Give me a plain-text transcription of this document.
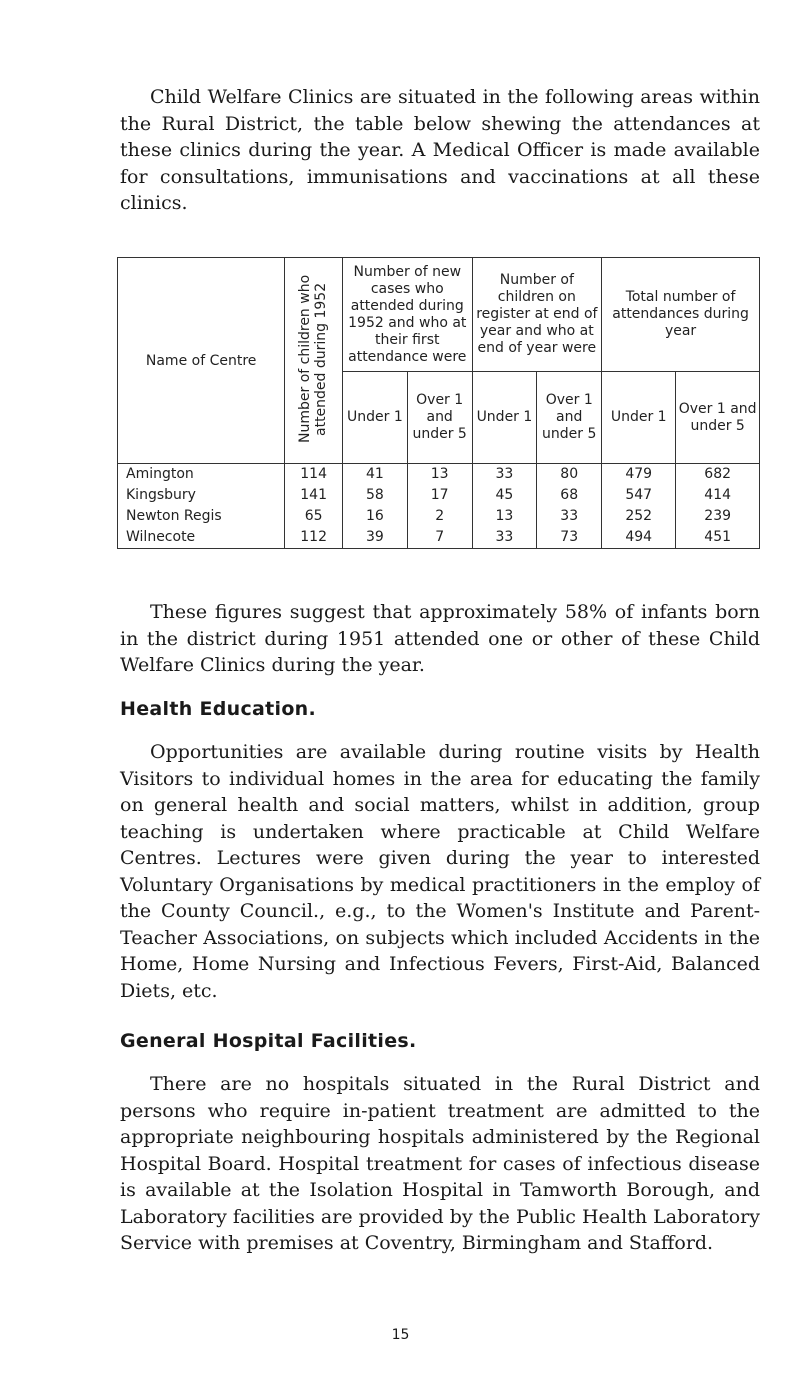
Child Welfare Clinics are situated in the following areas within the Rural District, the table below shewing the attendances at these clinics during the year. A Medical Officer is made available for consultations, immunisations and vaccinations at all these clinics.

Name of Centre	Number of children who attended during 1952	Number of new cases who attended during 1952 and who at their first attendance were		Number of children on register at end of year and who at end of year were		Total number of attendances during year	
		Under 1	Over 1 and under 5	Under 1	Over 1 and under 5	Under 1	Over 1 and under 5
Amington	114	41	13	33	80	479	682
Kingsbury	141	58	17	45	68	547	414
Newton Regis	65	16	2	13	33	252	239
Wilnecote	112	39	7	33	73	494	451

These figures suggest that approximately 58% of infants born in the district during 1951 attended one or other of these Child Welfare Clinics during the year.

Health Education.

Opportunities are available during routine visits by Health Visitors to individual homes in the area for educating the family on general health and social matters, whilst in addition, group teaching is undertaken where practicable at Child Welfare Centres. Lectures were given during the year to interested Voluntary Organisations by medical practitioners in the employ of the County Council., e.g., to the Women's Institute and Parent-Teacher Associations, on subjects which included Accidents in the Home, Home Nursing and Infectious Fevers, First-Aid, Balanced Diets, etc.

General Hospital Facilities.

There are no hospitals situated in the Rural District and persons who require in-patient treatment are admitted to the appropriate neighbouring hospitals administered by the Regional Hospital Board. Hospital treatment for cases of infectious disease is available at the Isolation Hospital in Tamworth Borough, and Laboratory facilities are provided by the Public Health Laboratory Service with premises at Coventry, Birmingham and Stafford.

15
